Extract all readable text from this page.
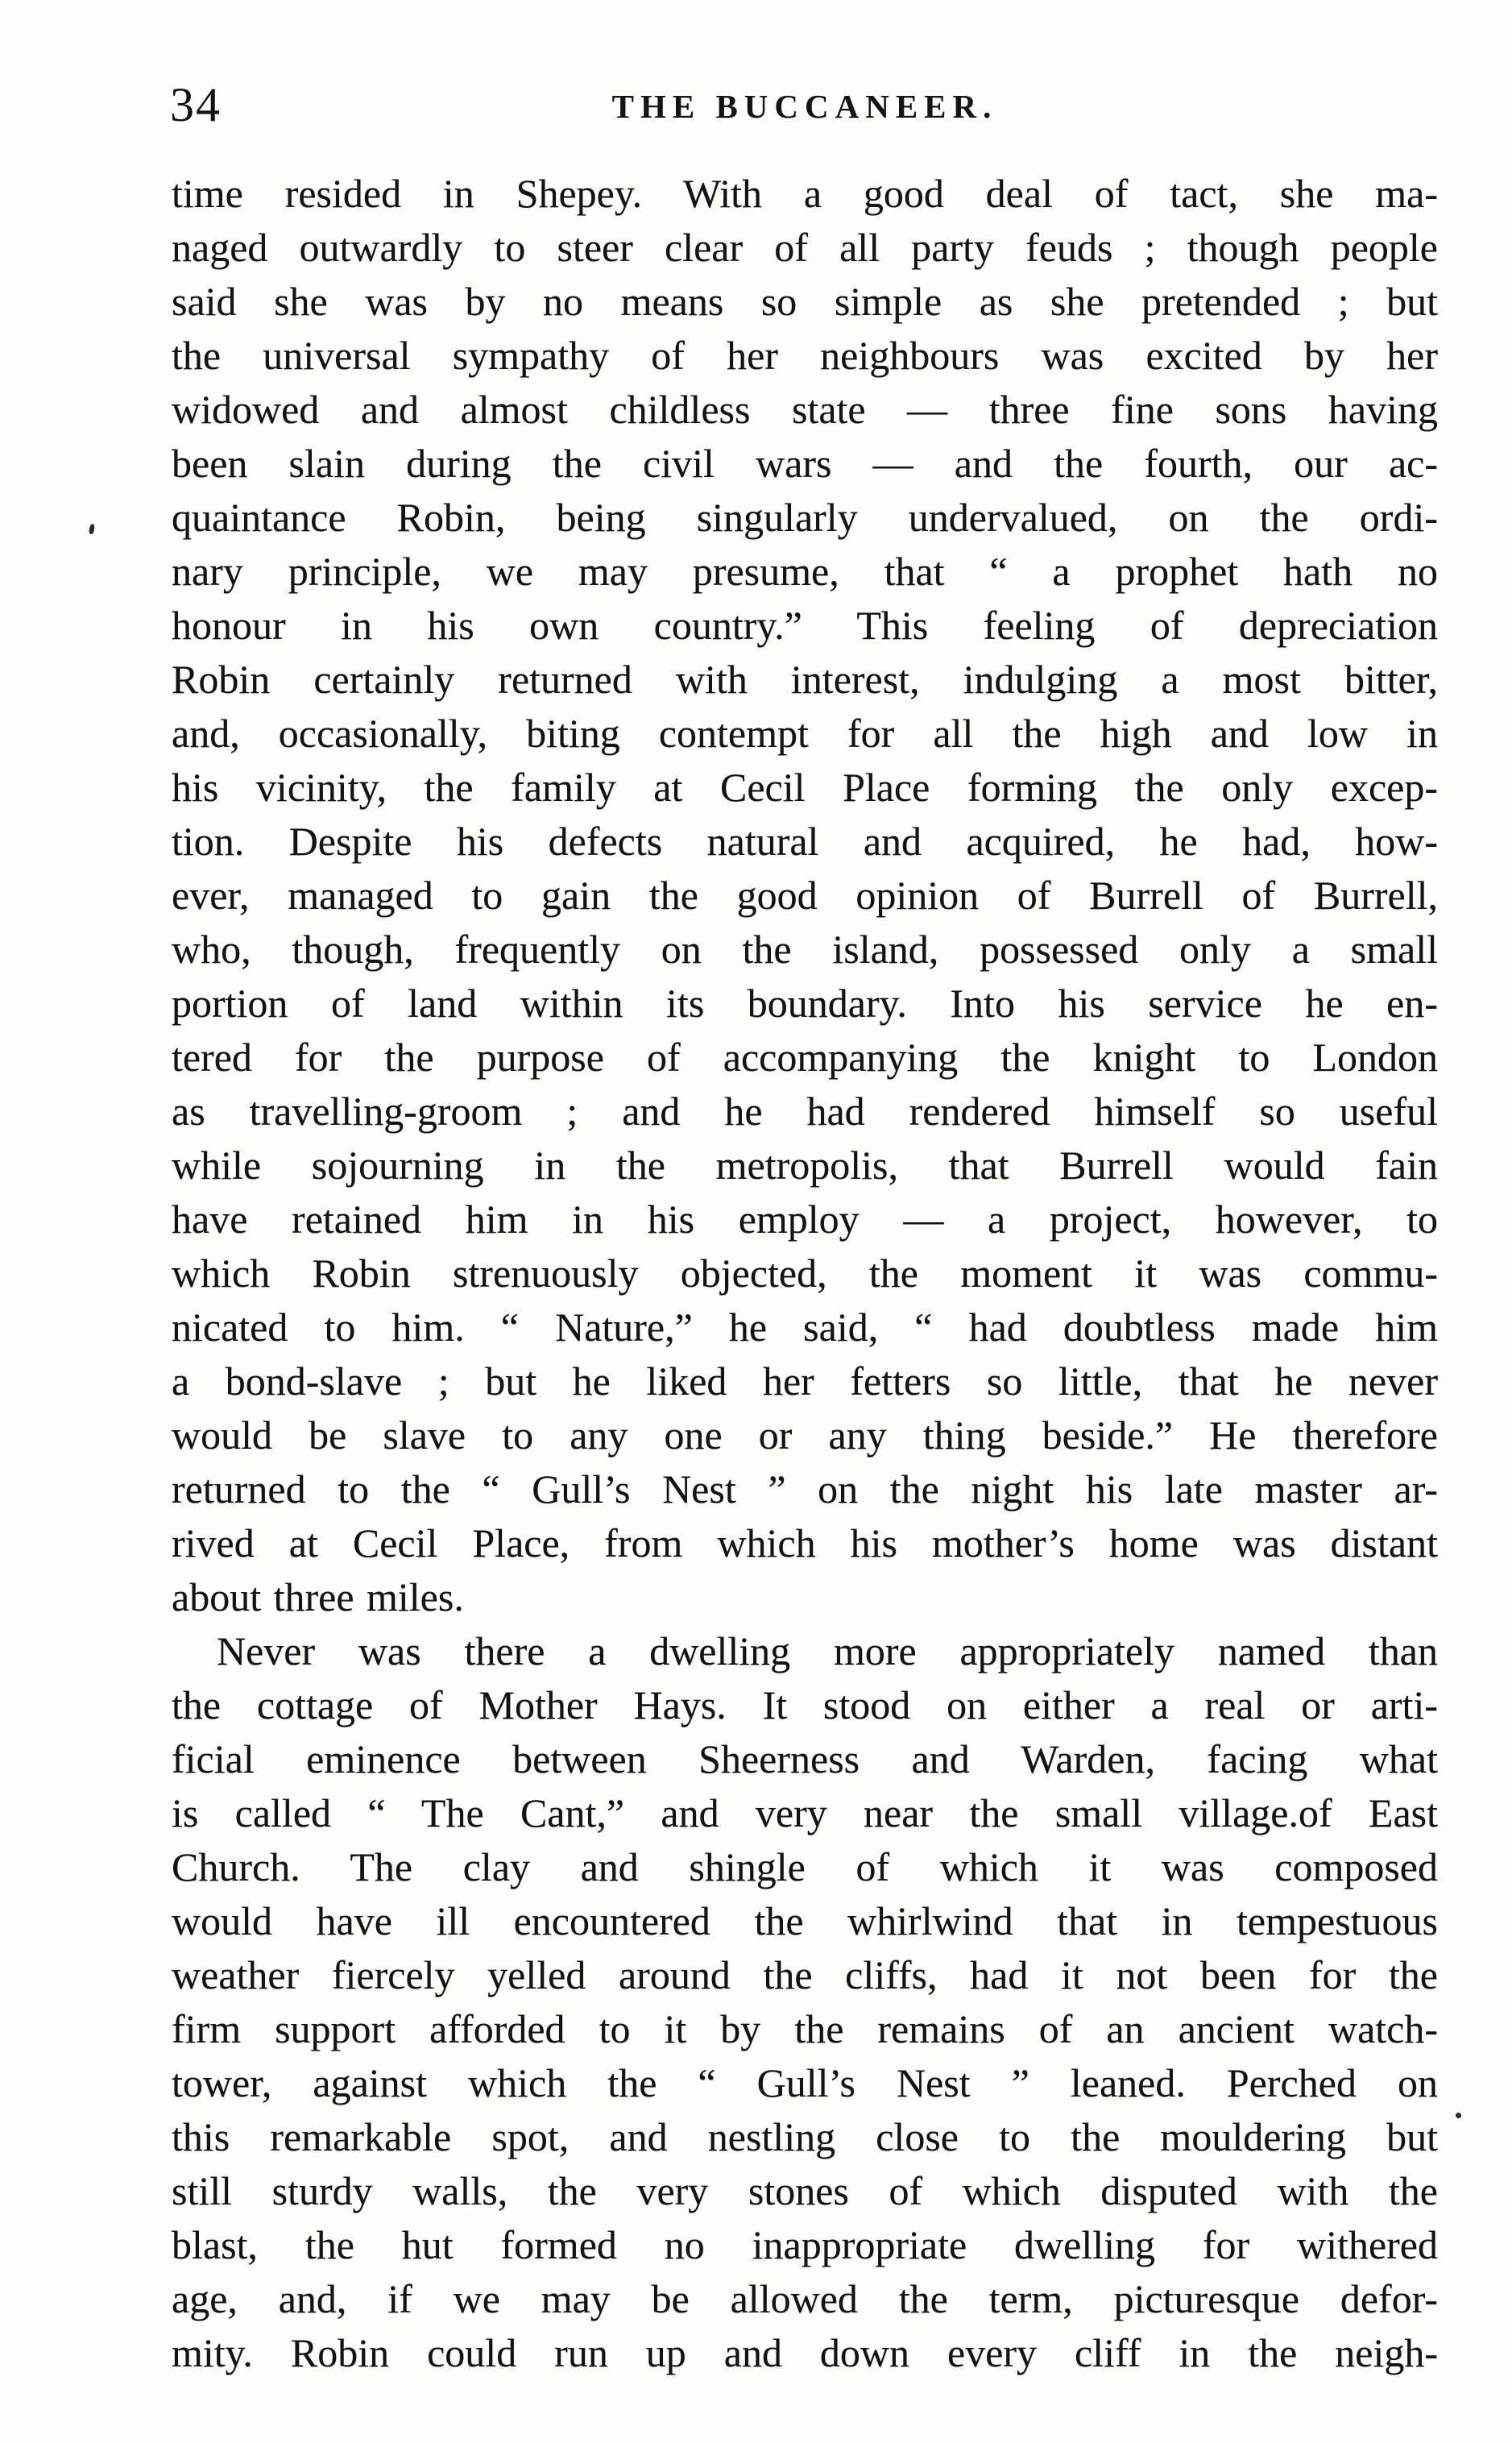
34	THE BUCCANEER.
time resided in Shepey. With a good deal of tact, she ma-
naged outwardly to steer clear of all party feuds ; though people
said she was by no means so simple as she pretended ; but
the universal sympathy of her neighbours was excited by her
widowed and almost childless state — three fine sons having
been slain during the civil wars — and the fourth, our ac-
quaintance Robin, being singularly undervalued, on the ordi-
nary principle, we may presume, that “ a prophet hath no
honour in his own country.” This feeling of depreciation
Robin certainly returned with interest, indulging a most bitter,
and, occasionally, biting contempt for all the high and low in
his vicinity, the family at Cecil Place forming the only excep-
tion. Despite his defects natural and acquired, he had, how-
ever, managed to gain the good opinion of Burrell of Burrell,
who, though, frequently on the island, possessed only a small
portion of land within its boundary. Into his service he en-
tered for the purpose of accompanying the knight to London
as travelling-groom ; and he had rendered himself so useful
while sojourning in the metropolis, that Burrell would fain
have retained him in his employ — a project, however, to
which Robin strenuously objected, the moment it was commu-
nicated to him. “ Nature,” he said, “ had doubtless made him
a bond-slave ; but he liked her fetters so little, that he never
would be slave to any one or any thing beside.” He therefore
returned to the “ Gull’s Nest ” on the night his late master ar-
rived at Cecil Place, from which his mother’s home was distant
about three miles.
Never was there a dwelling more appropriately named than
the cottage of Mother Hays. It stood on either a real or arti-
ficial eminence between Sheerness and Warden, facing what
is called “ The Cant,” and very near the small village.of East
Church. The clay and shingle of which it was composed
would have ill encountered the whirlwind that in tempestuous
weather fiercely yelled around the cliffs, had it not been for the
firm support afforded to it by the remains of an ancient watch-
tower, against which the “ Gull’s Nest ” leaned. Perched on
this remarkable spot, and nestling close to the mouldering but
still sturdy walls, the very stones of which disputed with the
blast, the hut formed no inappropriate dwelling for withered
age, and, if we may be allowed the term, picturesque defor-
mity. Robin could run up and down every cliff in the neigh-
